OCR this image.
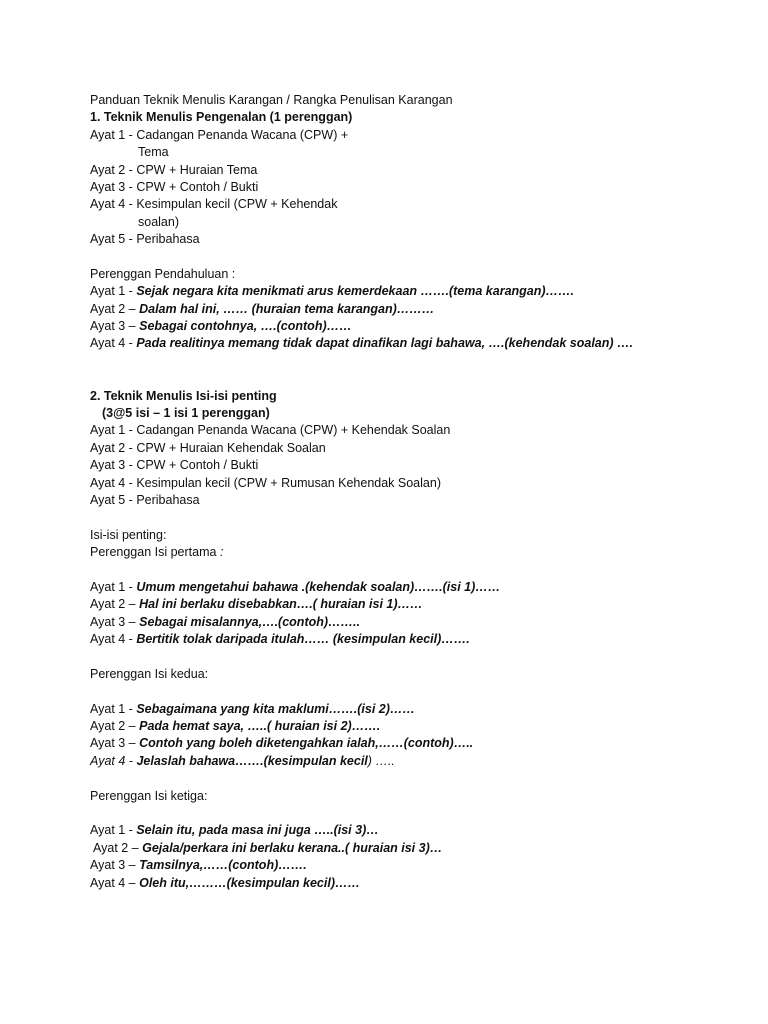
Panduan Teknik Menulis Karangan / Rangka Penulisan Karangan
1. Teknik Menulis Pengenalan (1 perenggan)
Ayat 1 - Cadangan Penanda Wacana (CPW) +
Tema
Ayat 2 - CPW + Huraian Tema
Ayat 3 - CPW + Contoh / Bukti
Ayat 4 - Kesimpulan kecil (CPW + Kehendak
soalan)
Ayat 5 - Peribahasa
Perenggan Pendahuluan :
Ayat 1 - Sejak negara kita menikmati arus kemerdekaan …….(tema karangan)…….
Ayat 2 – Dalam hal ini, …… (huraian tema karangan)………
Ayat 3 – Sebagai contohnya, ….(contoh)……
Ayat 4 - Pada realitinya memang tidak dapat dinafikan lagi bahawa, ….(kehendak soalan) ….
2. Teknik Menulis Isi-isi penting
(3@5 isi – 1 isi 1 perenggan)
Ayat 1 - Cadangan Penanda Wacana (CPW) + Kehendak Soalan
Ayat 2 - CPW + Huraian Kehendak Soalan
Ayat 3 - CPW + Contoh / Bukti
Ayat 4 - Kesimpulan kecil (CPW + Rumusan Kehendak Soalan)
Ayat 5 - Peribahasa
Isi-isi penting:
Perenggan Isi pertama :
Ayat 1 - Umum mengetahui bahawa .(kehendak soalan)…….(isi 1)……
Ayat 2 – Hal ini berlaku disebabkan….( huraian isi 1)……
Ayat 3 – Sebagai misalannya,….(contoh)……..
Ayat 4 - Bertitik tolak daripada itulah…… (kesimpulan kecil)…….
Perenggan Isi kedua:
Ayat 1 - Sebagaimana yang kita maklumi…….(isi 2)……
Ayat 2 – Pada hemat saya, …..( huraian isi 2)…….
Ayat 3 – Contoh yang boleh diketengahkan ialah,……(contoh)…..
Ayat 4 - Jelaslah bahawa…….(kesimpulan kecil) …..
Perenggan Isi ketiga:
Ayat 1 - Selain itu, pada masa ini juga …..(isi 3)…
Ayat 2 – Gejala/perkara ini berlaku kerana..( huraian isi 3)…
Ayat 3 – Tamsilnya,……(contoh)…….
Ayat 4 – Oleh itu,………(kesimpulan kecil)……
